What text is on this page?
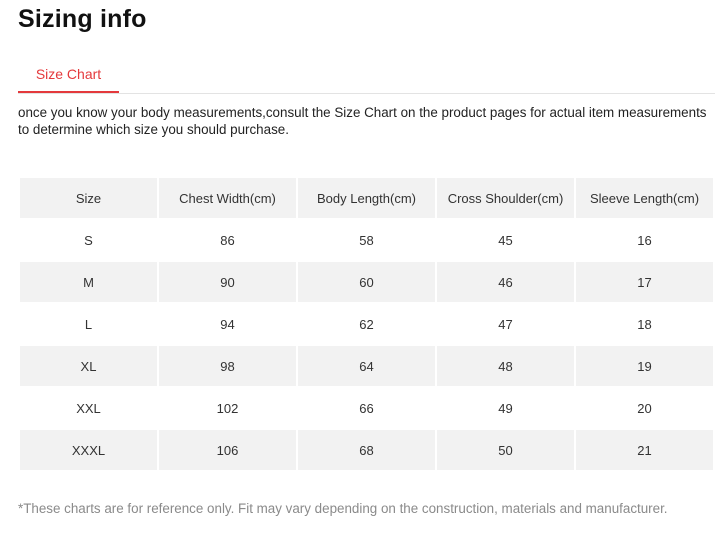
Sizing info
Size Chart

once you know your body measurements,consult the Size Chart on the product pages for actual item measurements to determine which size you should purchase.

Size	Chest Width(cm)	Body Length(cm)	Cross Shoulder(cm)	Sleeve Length(cm)
S	86	58	45	16
M	90	60	46	17
L	94	62	47	18
XL	98	64	48	19
XXL	102	66	49	20
XXXL	106	68	50	21

*These charts are for reference only. Fit may vary depending on the construction, materials and manufacturer.
